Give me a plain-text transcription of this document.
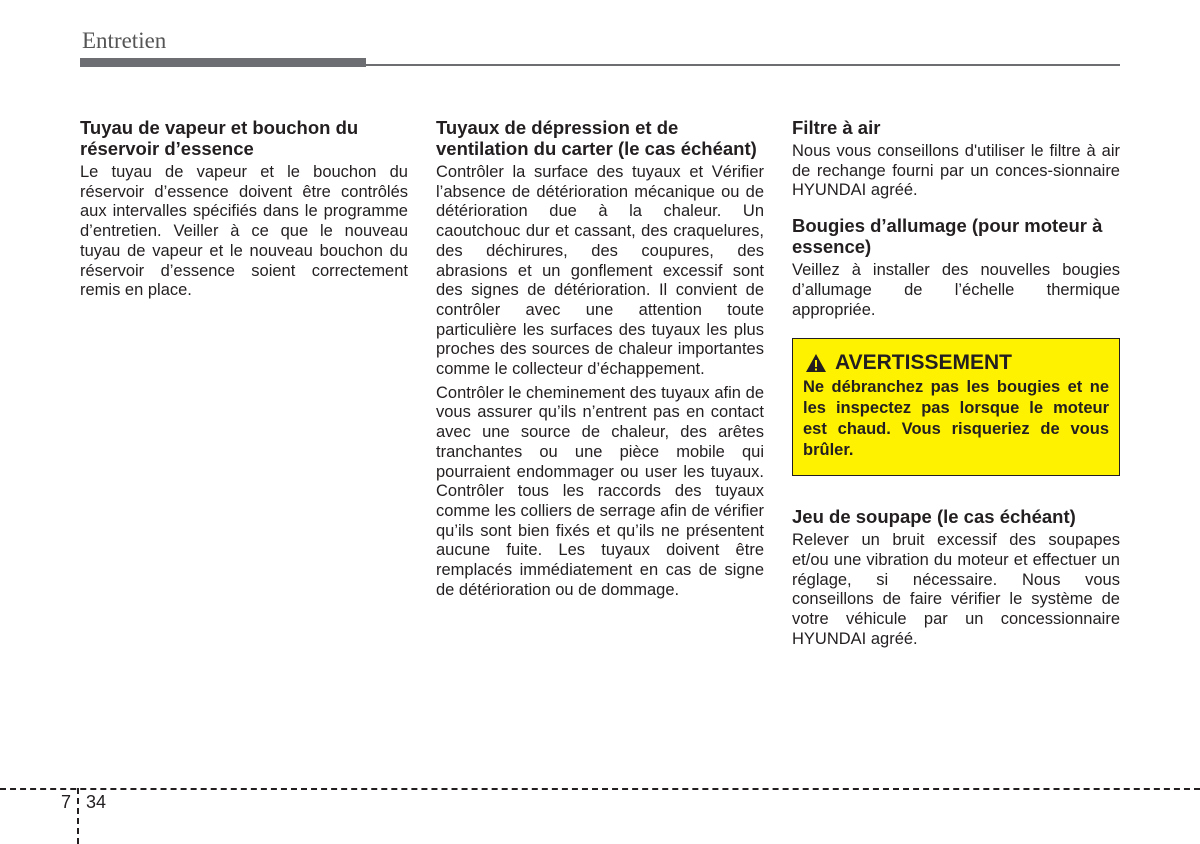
Entretien
Tuyau de vapeur et bouchon du réservoir d’essence

Le tuyau de vapeur et le bouchon du réservoir d’essence doivent être contrôlés aux intervalles spécifiés dans le programme d’entretien. Veiller à ce que le nouveau tuyau de vapeur et le nouveau bouchon du réservoir d’essence soient correctement remis en place.

Tuyaux de dépression et de ventilation du carter (le cas échéant)

Contrôler la surface des tuyaux et Vérifier l’absence de détérioration mécanique ou de détérioration due à la chaleur. Un caoutchouc dur et cassant, des craquelures, des déchirures, des coupures, des abrasions et un gonflement excessif sont des signes de détérioration. Il convient de contrôler avec une attention toute particulière les surfaces des tuyaux les plus proches des sources de chaleur importantes comme le collecteur d’échappement.

Contrôler le cheminement des tuyaux afin de vous assurer qu’ils n’entrent pas en contact avec une source de chaleur, des arêtes tranchantes ou une pièce mobile qui pourraient endommager ou user les tuyaux. Contrôler tous les raccords des tuyaux comme les colliers de serrage afin de vérifier qu’ils sont bien fixés et qu’ils ne présentent aucune fuite. Les tuyaux doivent être remplacés immédiatement en cas de signe de détérioration ou de dommage.

Filtre à air

Nous vous conseillons d'utiliser le filtre à air de rechange fourni par un conces-sionnaire HYUNDAI agréé.

Bougies d’allumage (pour moteur à essence)

Veillez à installer des nouvelles bougies d’allumage de l’échelle thermique appropriée.

AVERTISSEMENT
Ne débranchez pas les bougies et ne les inspectez pas lorsque le moteur est chaud. Vous risqueriez de vous brûler.
Jeu de soupape (le cas échéant)

Relever un bruit excessif des soupapes et/ou une vibration du moteur et effectuer un réglage, si nécessaire. Nous vous conseillons de faire vérifier le système de votre véhicule par un concessionnaire HYUNDAI agréé.

7 34
